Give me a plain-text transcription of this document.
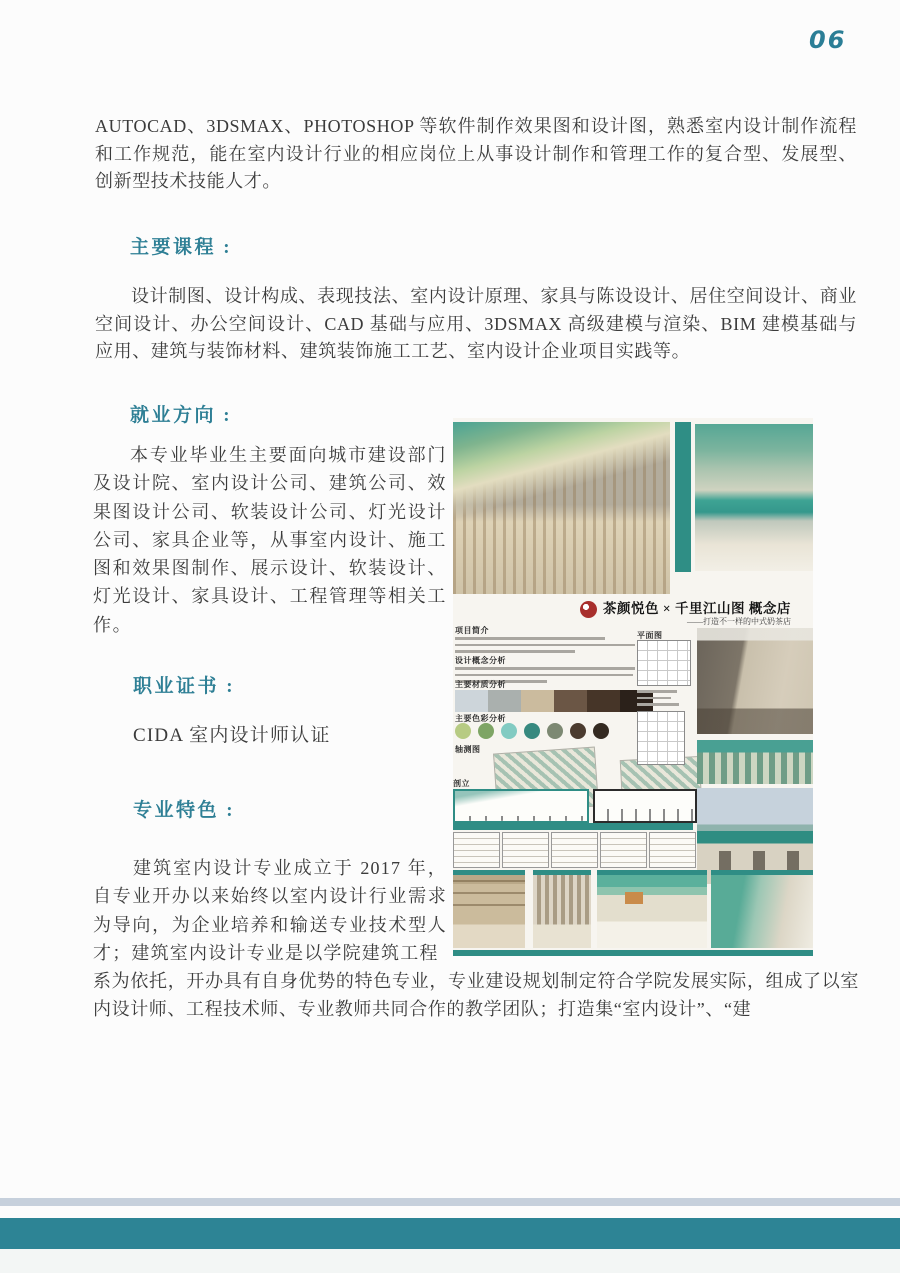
06

AUTOCAD、3DSMAX、PHOTOSHOP 等软件制作效果图和设计图，熟悉室内设计制作流程和工作规范，能在室内设计行业的相应岗位上从事设计制作和管理工作的复合型、发展型、创新型技术技能人才。

主要课程 :

设计制图、设计构成、表现技法、室内设计原理、家具与陈设设计、居住空间设计、商业空间设计、办公空间设计、CAD 基础与应用、3DSMAX 高级建模与渲染、BIM 建模基础与应用、建筑与装饰材料、建筑装饰施工工艺、室内设计企业项目实践等。

就业方向 :

本专业毕业生主要面向城市建设部门及设计院、室内设计公司、建筑公司、效果图设计公司、软装设计公司、灯光设计公司、家具企业等，从事室内设计、施工图和效果图制作、展示设计、软装设计、灯光设计、家具设计、工程管理等相关工作。

职业证书 :

CIDA 室内设计师认证

专业特色 :

建筑室内设计专业成立于 2017 年，自专业开办以来始终以室内设计行业需求为导向，为企业培养和输送专业技术型人才；建筑室内设计专业是以学院建筑工程

系为依托，开办具有自身优势的特色专业，专业建设规划制定符合学院发展实际，组成了以室内设计师、工程技术师、专业教师共同合作的教学团队；打造集“室内设计”、“建

茶颜悦色 × 千里江山图 概念店
——打造不一样的中式奶茶店
项目简介
设计概念分析
主要材质分析
主要色彩分析
轴测图
平面图
剖立
